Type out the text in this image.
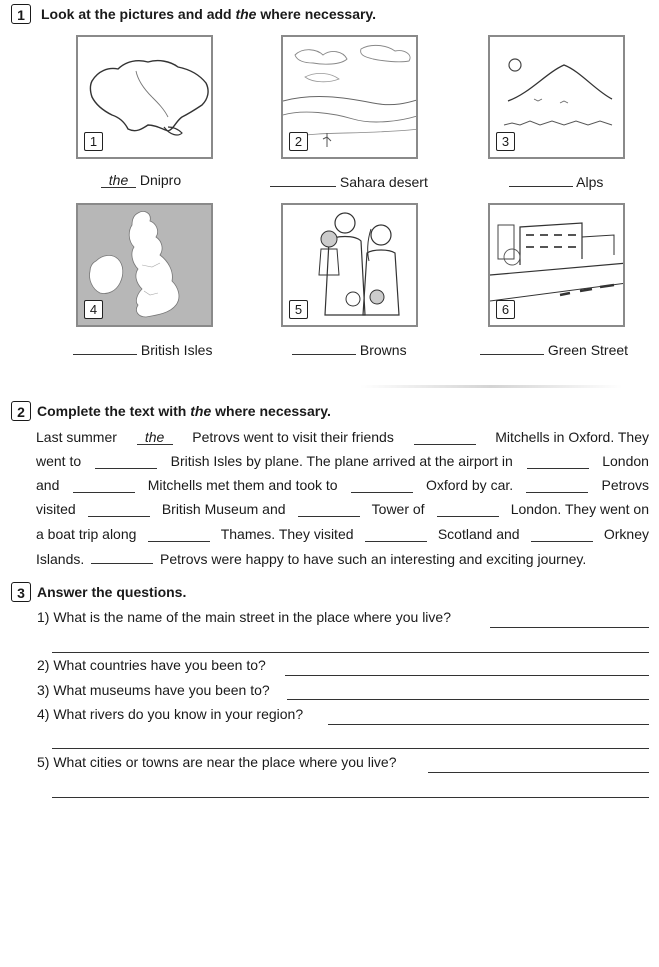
1	Look at the pictures and add the where necessary.
1	2	3
the Dnipro	Sahara desert	Alps
4	5	6
British Isles	Browns	Green Street
2 Complete the text with the where necessary.
Last summer	the	Petrovs went to visit their friends	Mitchells in Oxford. They
went to	British Isles by plane. The plane arrived at the airport in	London
and	Mitchells met them and took to	Oxford by car.	Petrovs
visited	British Museum and	Tower of	London. They went on
a boat trip along	Thames. They visited	Scotland and	Orkney
Islands.	Petrovs were happy to have such an interesting and exciting journey.
3 Answer the questions.
1) What is the name of the main street in the place where you live?
2) What countries have you been to?
3) What museums have you been to?
4) What rivers do you know in your region?
5) What cities or towns are near the place where you live?
